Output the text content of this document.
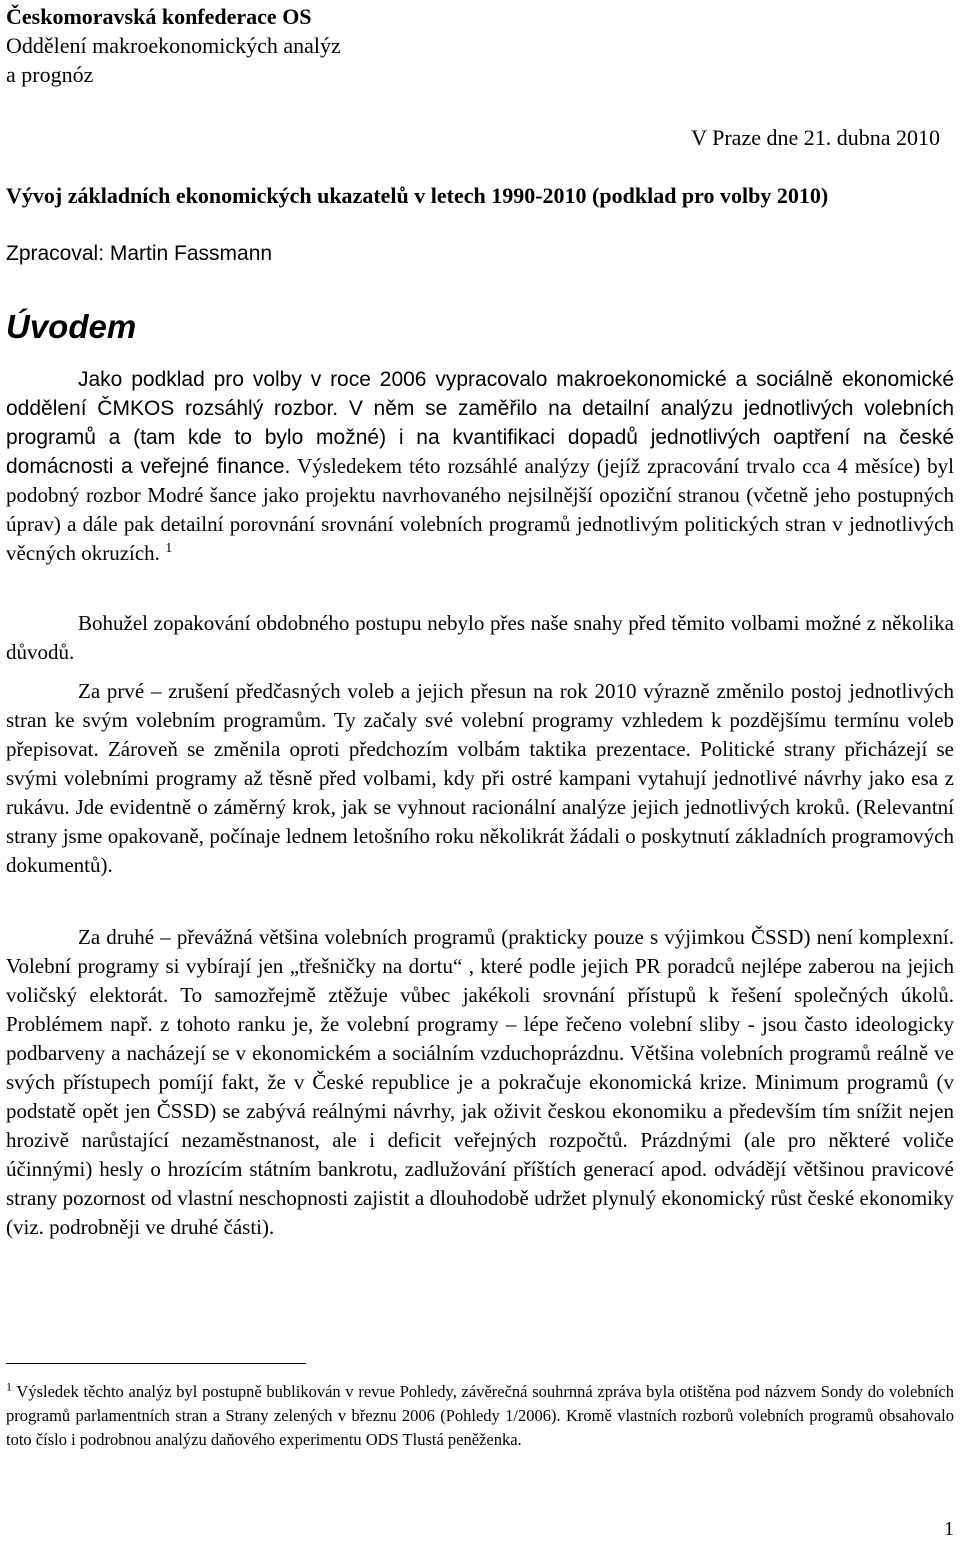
Českomoravská konfederace OS
Oddělení makroekonomických analýz
a prognóz
V Praze dne 21. dubna 2010
Vývoj základních ekonomických ukazatelů v letech 1990-2010 (podklad pro volby 2010)
Zpracoval: Martin Fassmann
Úvodem

Jako podklad pro volby v roce 2006 vypracovalo makroekonomické a sociálně ekonomické oddělení ČMKOS rozsáhlý rozbor. V něm se zaměřilo na detailní analýzu jednotlivých volebních programů a (tam kde to bylo možné) i na kvantifikaci dopadů jednotlivých oaptření na české domácnosti a veřejné finance. Výsledekem této rozsáhlé analýzy (jejíž zpracování trvalo cca 4 měsíce) byl podobný rozbor Modré šance jako projektu navrhovaného nejsilnější opoziční stranou (včetně jeho postupných úprav) a dále pak detailní porovnání srovnání volebních programů jednotlivým politických stran v jednotlivých věcných okruzích. $^1$

Bohužel zopakování obdobného postupu nebylo přes naše snahy před těmito volbami možné z několika důvodů.

Za prvé – zrušení předčasných voleb a jejich přesun na rok 2010 výrazně změnilo postoj jednotlivých stran ke svým volebním programům. Ty začaly své volební programy vzhledem k pozdějšímu termínu voleb přepisovat. Zároveň se změnila oproti předchozím volbám taktika prezentace. Politické strany přicházejí se svými volebními programy až těsně před volbami, kdy při ostré kampani vytahují jednotlivé návrhy jako esa z rukávu. Jde evidentně o záměrný krok, jak se vyhnout racionální analýze jejich jednotlivých kroků. (Relevantní strany jsme opakovaně, počínaje lednem letošního roku několikrát žádali o poskytnutí základních programových dokumentů).

Za druhé – převážná většina volebních programů (prakticky pouze s výjimkou ČSSD) není komplexní. Volební programy si vybírají jen „třešničky na dortu“ , které podle jejich PR poradců nejlépe zaberou na jejich voličský elektorát. To samozřejmě ztěžuje vůbec jakékoli srovnání přístupů k řešení společných úkolů. Problémem např. z tohoto ranku je, že volební programy – lépe řečeno volební sliby - jsou často ideologicky podbarveny a nacházejí se v ekonomickém a sociálním vzduchoprázdnu. Většina volebních programů reálně ve svých přístupech pomíjí fakt, že v České republice je a pokračuje ekonomická krize. Minimum programů (v podstatě opět jen ČSSD) se zabývá reálnými návrhy, jak oživit českou ekonomiku a především tím snížit nejen hrozivě narůstající nezaměstnanost, ale i deficit veřejných rozpočtů. Prázdnými (ale pro některé voliče účinnými) hesly o hrozícím státním bankrotu, zadlužování příštích generací apod. odvádějí většinou pravicové strany pozornost od vlastní neschopnosti zajistit a dlouhodobě udržet plynulý ekonomický růst české ekonomiky (viz. podrobněji ve druhé části).

$^1$ Výsledek těchto analýz byl postupně bublikován v revue Pohledy, závěrečná souhrnná zpráva byla otištěna pod názvem Sondy do volebních programů parlamentních stran a Strany zelených v březnu 2006 (Pohledy 1/2006). Kromě vlastních rozborů volebních programů obsahovalo toto číslo i podrobnou analýzu daňového experimentu ODS Tlustá peněženka.

1
